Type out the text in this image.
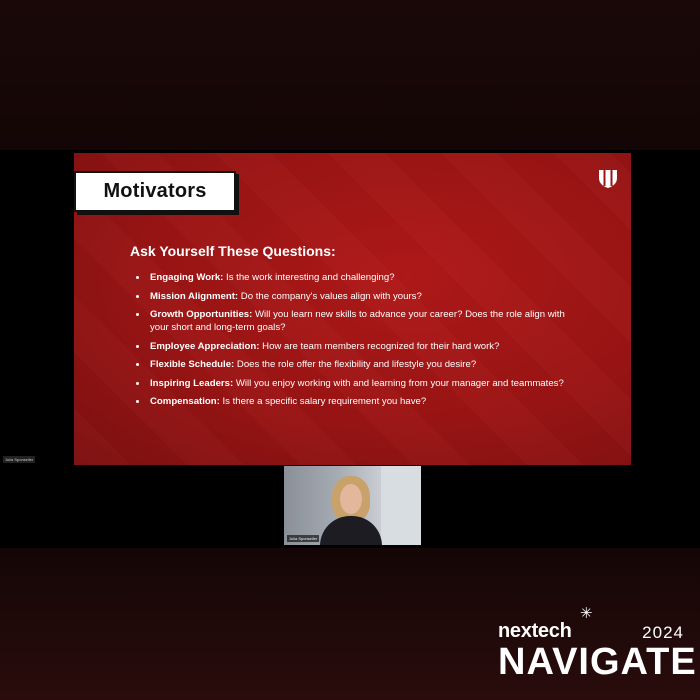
Motivators
Ask Yourself These Questions:
Engaging Work: Is the work interesting and challenging?
Mission Alignment: Do the company's values align with yours?
Growth Opportunities: Will you learn new skills to advance your career? Does the role align with your short and long-term goals?
Employee Appreciation: How are team members recognized for their hard work?
Flexible Schedule: Does the role offer the flexibility and lifestyle you desire?
Inspiring Leaders: Will you enjoy working with and learning from your manager and teammates?
Compensation: Is there a specific salary requirement you have?
Julia Sponseller
Julia Sponseller
nextech
✳
2024
NAVIGATE
